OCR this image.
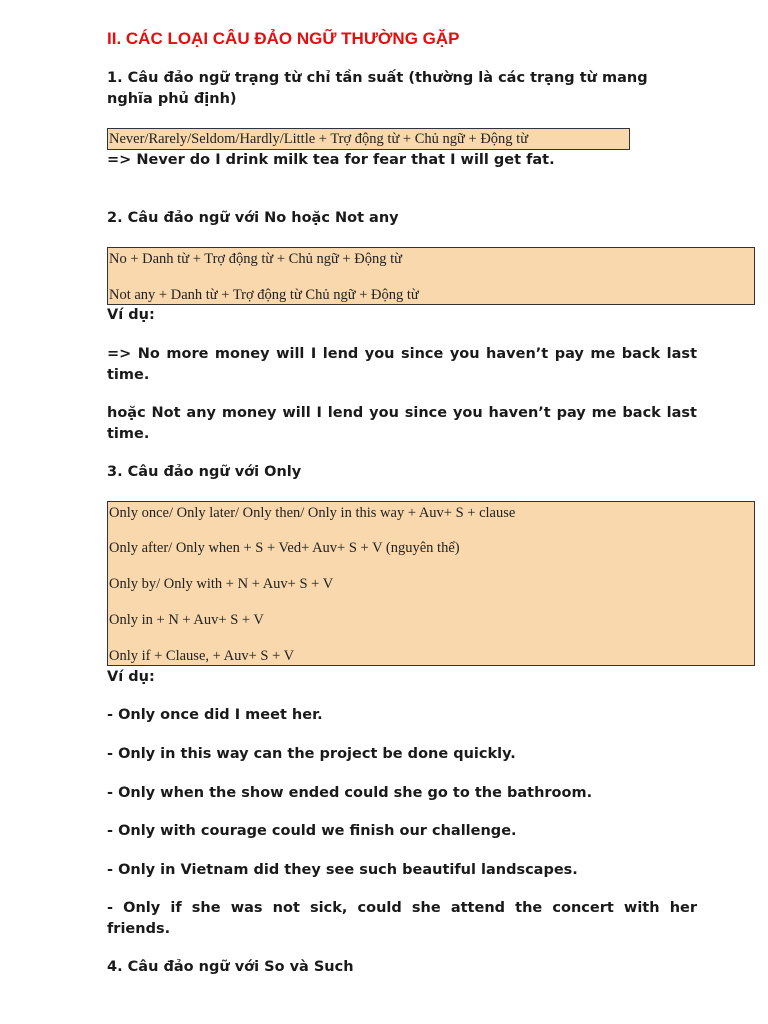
II. CÁC LOẠI CÂU ĐẢO NGỮ THƯỜNG GẶP

1. Câu đảo ngữ trạng từ chỉ tần suất (thường là các trạng từ mang nghĩa phủ định)

Never/Rarely/Seldom/Hardly/Little + Trợ động từ + Chủ ngữ + Động từ

=> Never do I drink milk tea for fear that I will get fat.

2. Câu đảo ngữ với No hoặc Not any

No + Danh từ + Trợ động từ + Chủ ngữ + Động từ

Not any + Danh từ + Trợ động từ Chủ ngữ + Động từ

Ví dụ:

=> No more money will I lend you since you haven’t pay me back last time.

hoặc Not any money will I lend you since you haven’t pay me back last time.

3. Câu đảo ngữ với Only

Only once/ Only later/ Only then/ Only in this way + Auv+ S + clause

Only after/ Only when + S + Ved+ Auv+ S + V (nguyên thể)

Only by/ Only with + N + Auv+ S + V

Only in + N + Auv+ S + V

Only if + Clause, + Auv+ S + V

Ví dụ:

- Only once did I meet her.

- Only in this way can the project be done quickly.

- Only when the show ended could she go to the bathroom.

- Only with courage could we finish our challenge.

- Only in Vietnam did they see such beautiful landscapes.

- Only if she was not sick, could she attend the concert with her friends.

4. Câu đảo ngữ với So và Such
